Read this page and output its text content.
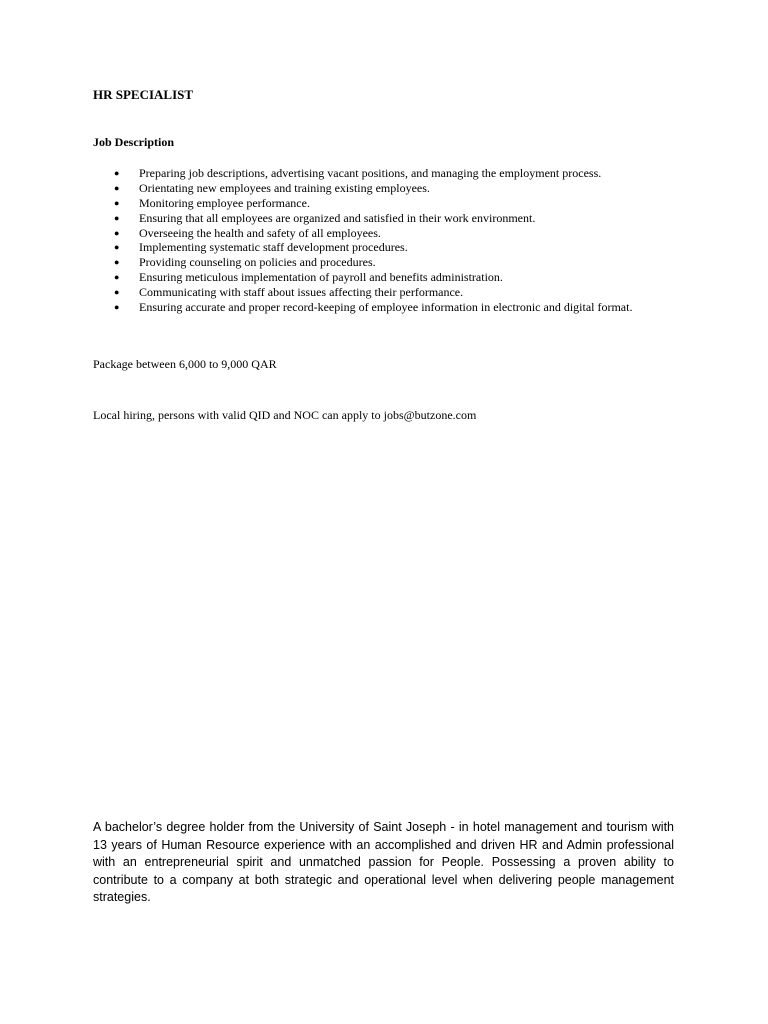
HR SPECIALIST
Job Description
● Preparing job descriptions, advertising vacant positions, and managing the employment process.
● Orientating new employees and training existing employees.
● Monitoring employee performance.
● Ensuring that all employees are organized and satisfied in their work environment.
● Overseeing the health and safety of all employees.
● Implementing systematic staff development procedures.
● Providing counseling on policies and procedures.
● Ensuring meticulous implementation of payroll and benefits administration.
● Communicating with staff about issues affecting their performance.
● Ensuring accurate and proper record-keeping of employee information in electronic and digital format.

Package between 6,000 to 9,000 QAR

Local hiring, persons with valid QID and NOC can apply to jobs@butzone.com

A bachelor’s degree holder from the University of Saint Joseph - in hotel management and tourism with 13 years of Human Resource experience with an accomplished and driven HR and Admin professional with an entrepreneurial spirit and unmatched passion for People. Possessing a proven ability to contribute to a company at both strategic and operational level when delivering people management strategies.
